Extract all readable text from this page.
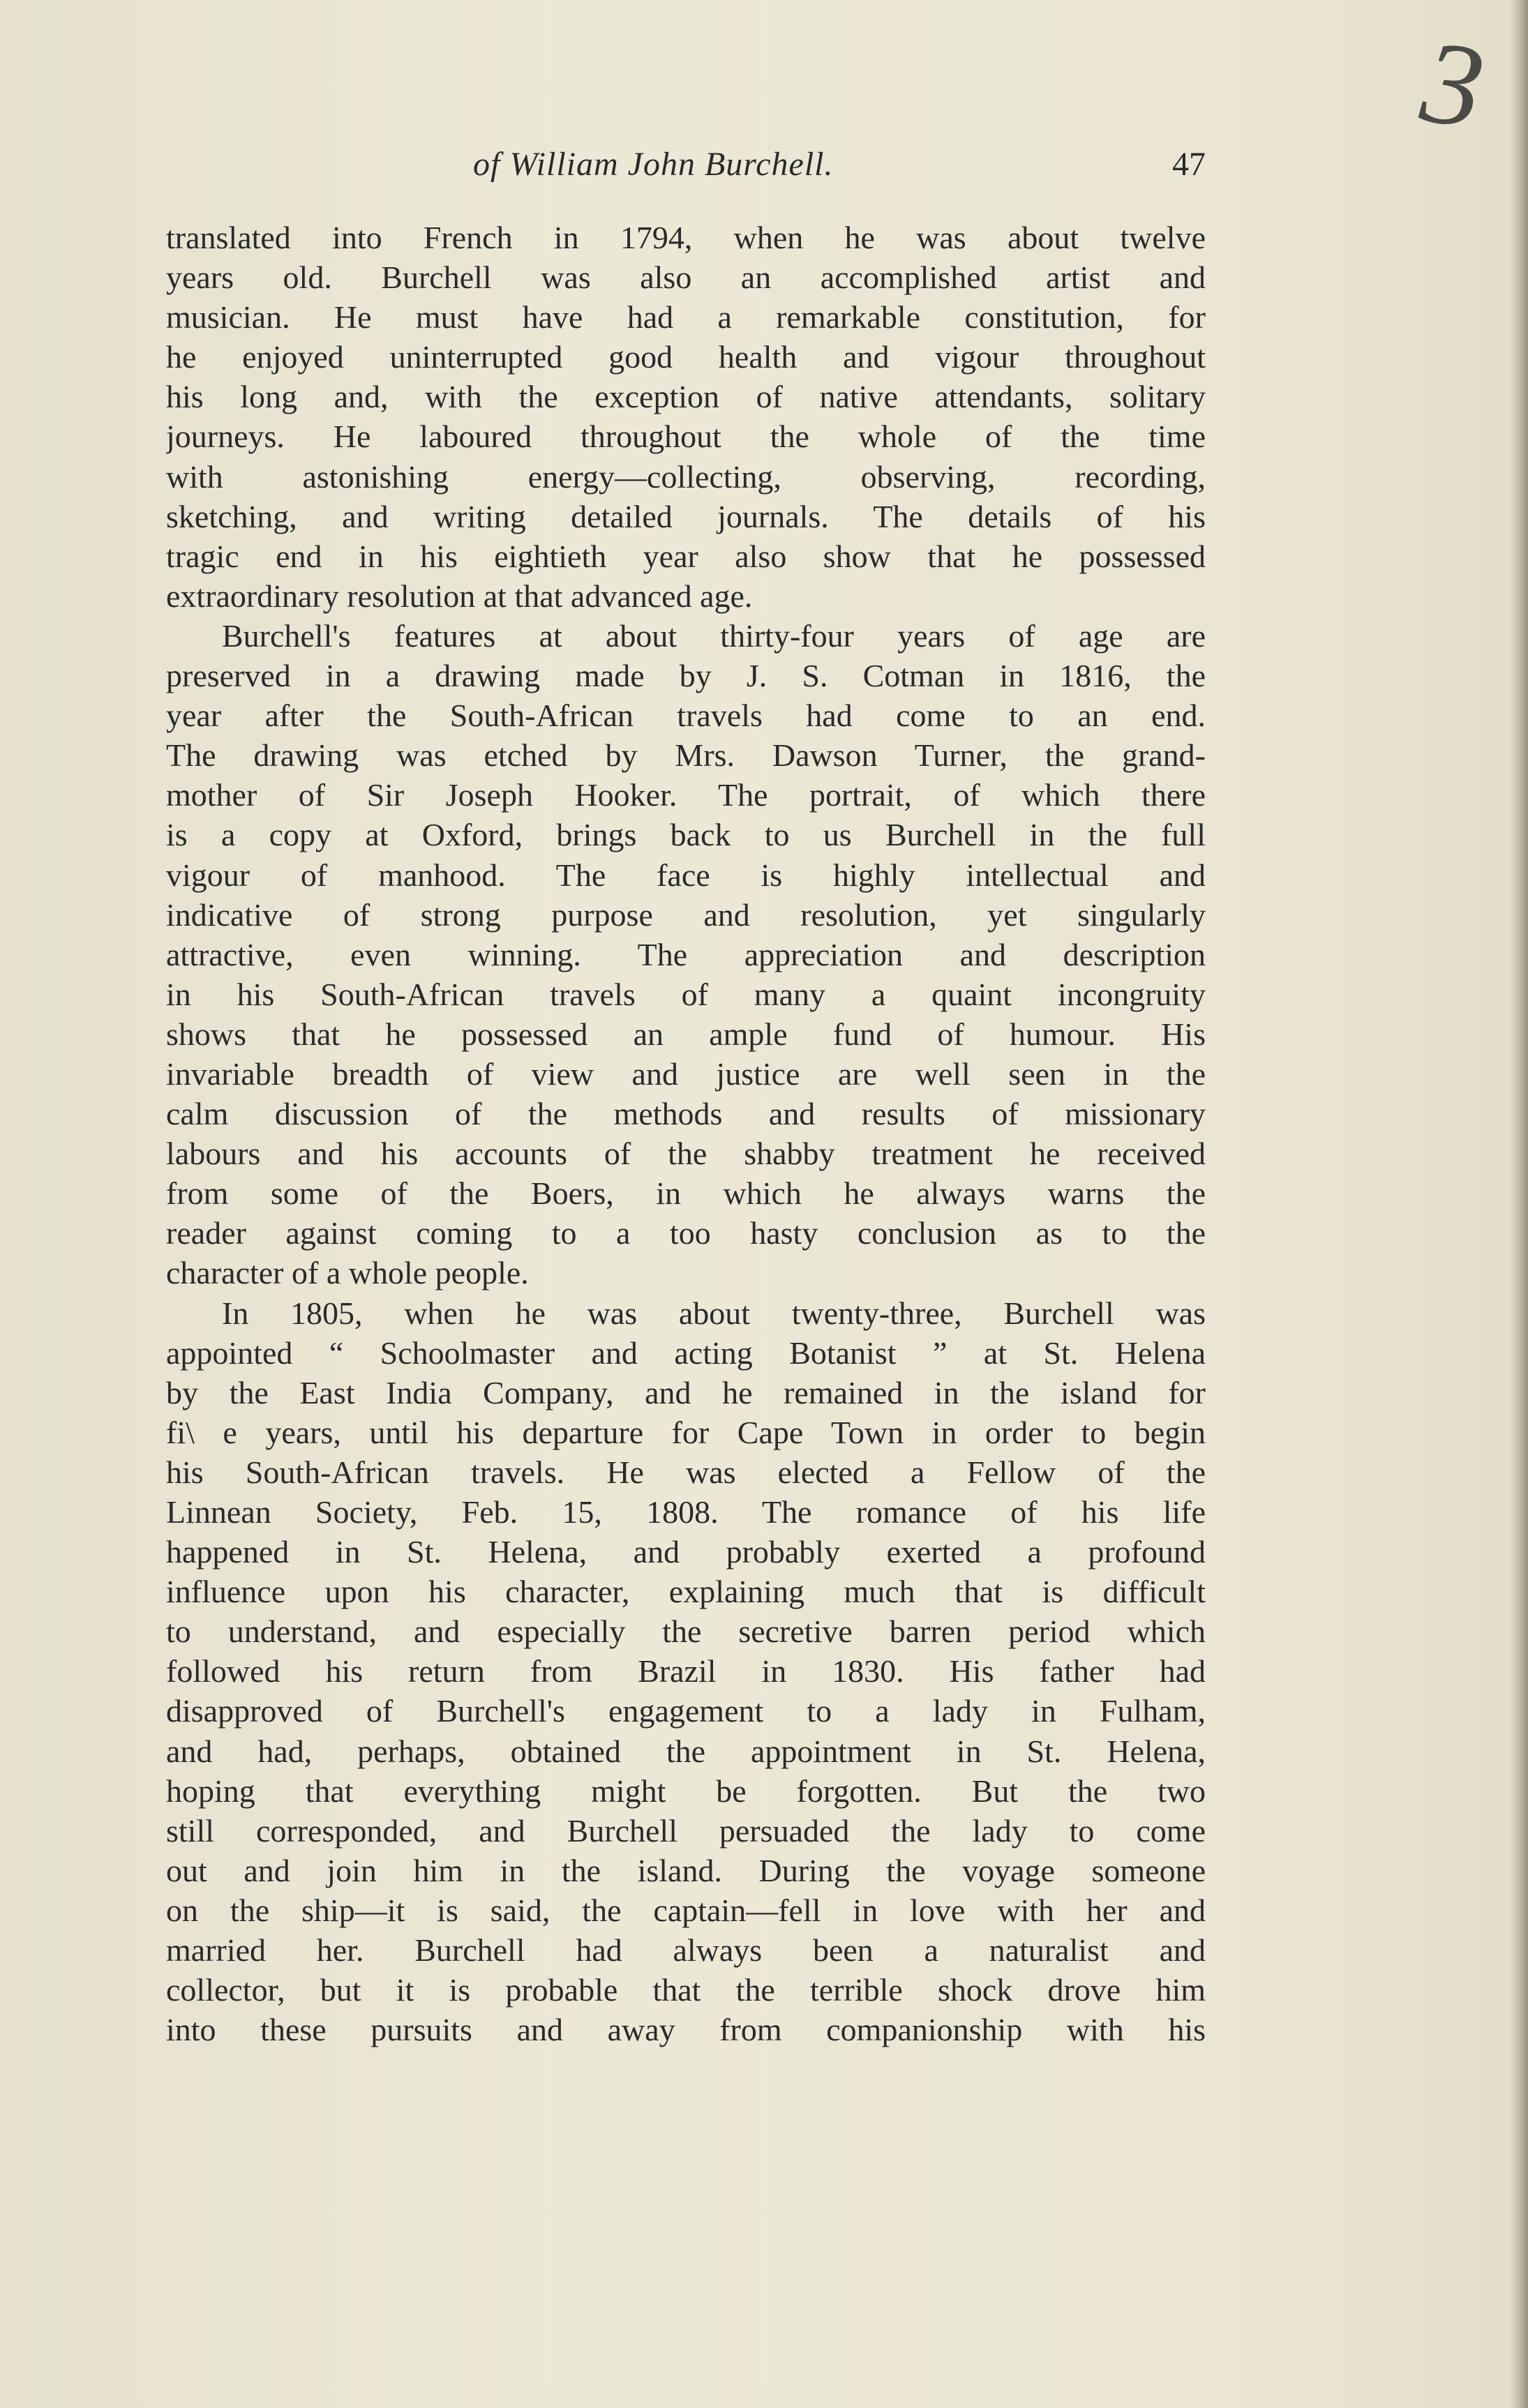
3
of William John Burchell.	47
translated into French in 1794, when he was about twelve
years old. Burchell was also an accomplished artist and
musician. He must have had a remarkable constitution, for
he enjoyed uninterrupted good health and vigour throughout
his long and, with the exception of native attendants, solitary
journeys. He laboured throughout the whole of the time
with astonishing energy—collecting, observing, recording,
sketching, and writing detailed journals. The details of his
tragic end in his eightieth year also show that he possessed
extraordinary resolution at that advanced age.
Burchell's features at about thirty-four years of age are
preserved in a drawing made by J. S. Cotman in 1816, the
year after the South-African travels had come to an end.
The drawing was etched by Mrs. Dawson Turner, the grand-
mother of Sir Joseph Hooker. The portrait, of which there
is a copy at Oxford, brings back to us Burchell in the full
vigour of manhood. The face is highly intellectual and
indicative of strong purpose and resolution, yet singularly
attractive, even winning. The appreciation and description
in his South-African travels of many a quaint incongruity
shows that he possessed an ample fund of humour. His
invariable breadth of view and justice are well seen in the
calm discussion of the methods and results of missionary
labours and his accounts of the shabby treatment he received
from some of the Boers, in which he always warns the
reader against coming to a too hasty conclusion as to the
character of a whole people.
In 1805, when he was about twenty-three, Burchell was
appointed “ Schoolmaster and acting Botanist ” at St. Helena
by the East India Company, and he remained in the island for
fi\ e years, until his departure for Cape Town in order to begin
his South-African travels. He was elected a Fellow of the
Linnean Society, Feb. 15, 1808. The romance of his life
happened in St. Helena, and probably exerted a profound
influence upon his character, explaining much that is difficult
to understand, and especially the secretive barren period which
followed his return from Brazil in 1830. His father had
disapproved of Burchell's engagement to a lady in Fulham,
and had, perhaps, obtained the appointment in St. Helena,
hoping that everything might be forgotten. But the two
still corresponded, and Burchell persuaded the lady to come
out and join him in the island. During the voyage someone
on the ship—it is said, the captain—fell in love with her and
married her. Burchell had always been a naturalist and
collector, but it is probable that the terrible shock drove him
into these pursuits and away from companionship with his
